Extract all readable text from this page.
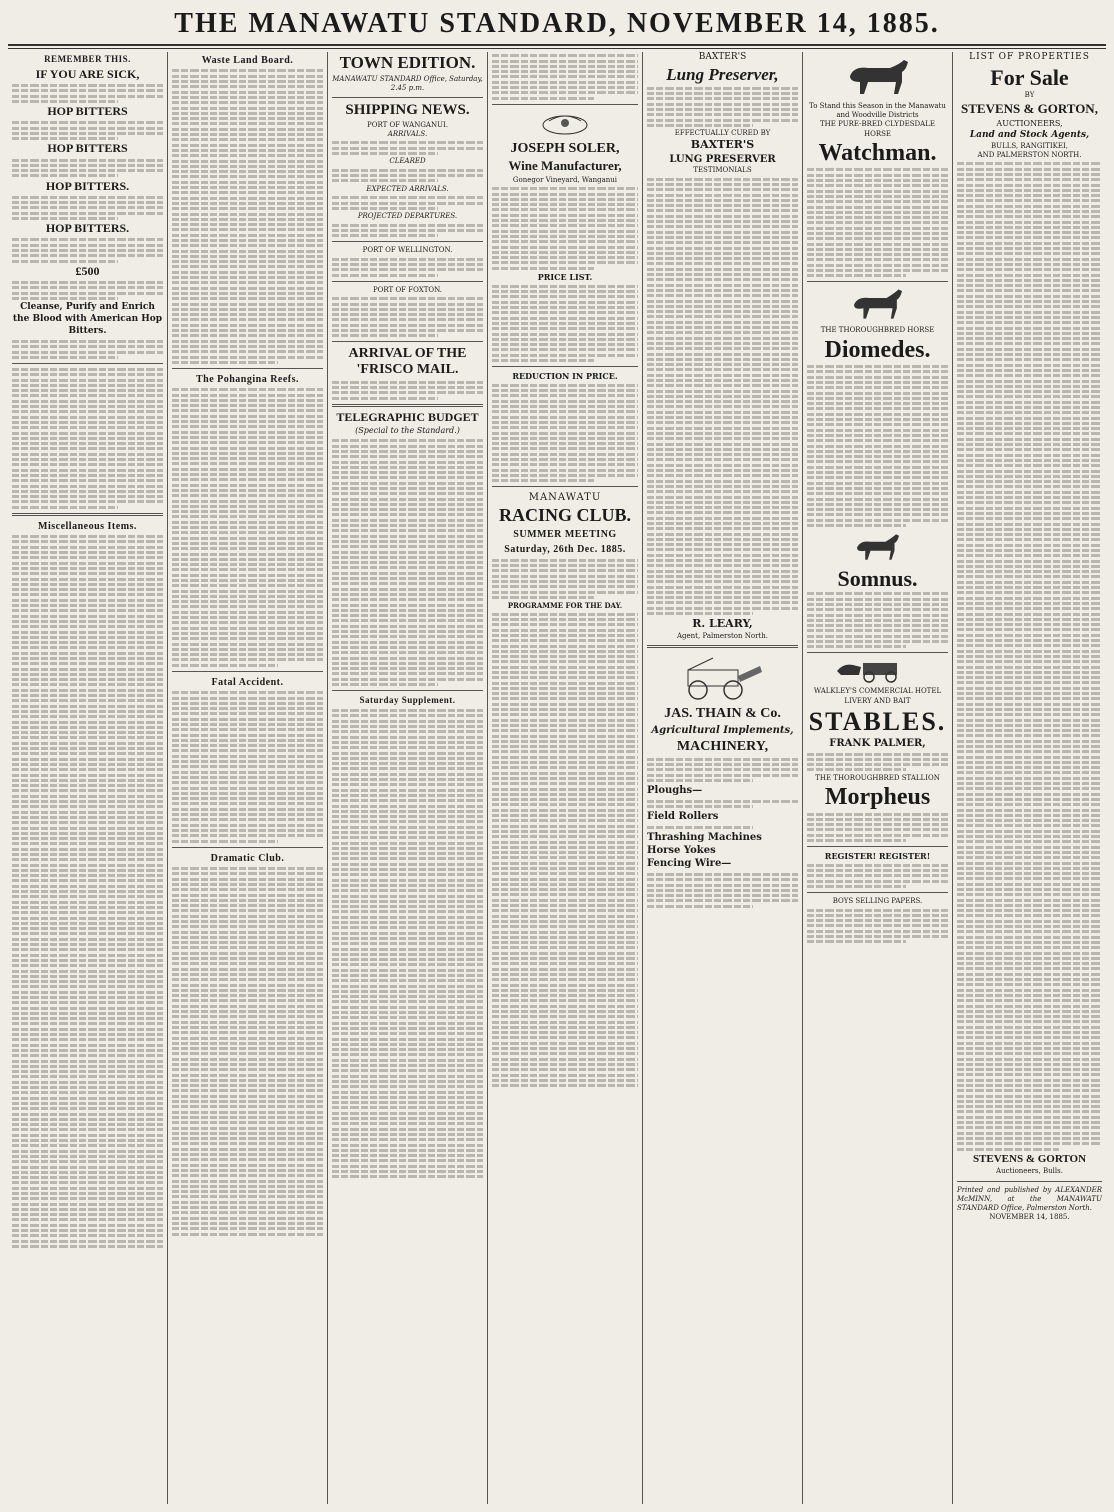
THE MANAWATU STANDARD, NOVEMBER 14, 1885.
REMEMBER THIS.
IF YOU ARE SICK,
HOP BITTERS
HOP BITTERS
HOP BITTERS.
HOP BITTERS.
£500
Cleanse, Purify and Enrich the Blood with American Hop Bitters.
Miscellaneous Items.
Waste Land Board.
The Pohangina Reefs.
Fatal Accident.
Dramatic Club.
TOWN EDITION.
MANAWATU STANDARD Office, Saturday, 2.45 p.m.
SHIPPING NEWS.
PORT OF WANGANUI.
ARRIVALS.
CLEARED
EXPECTED ARRIVALS.
PROJECTED DEPARTURES.
PORT OF WELLINGTON.
PORT OF FOXTON.
ARRIVAL OF THE 'FRISCO MAIL.
TELEGRAPHIC BUDGET
(Special to the Standard.)
Saturday Supplement.
JOSEPH SOLER,
Wine Manufacturer,
Gonegor Vineyard, Wanganui
PRICE LIST.
REDUCTION IN PRICE.
MANAWATU
RACING CLUB.
SUMMER MEETING
Saturday, 26th Dec. 1885.
PROGRAMME FOR THE DAY.
BAXTER'S
Lung Preserver,
EFFECTUALLY CURED BY
BAXTER'S
LUNG PRESERVER
TESTIMONIALS
R. LEARY,
Agent, Palmerston North.
JAS. THAIN & Co.
Agricultural Implements,
MACHINERY,
Ploughs—
Field Rollers
Thrashing Machines
Horse Yokes
Fencing Wire—
To Stand this Season in the Manawatu and Woodville Districts
THE PURE-BRED CLYDESDALE HORSE
Watchman.
THE THOROUGHBRED HORSE
Diomedes.
Somnus.
WALKLEY'S COMMERCIAL HOTEL LIVERY AND BAIT
STABLES.
FRANK PALMER,
THE THOROUGHBRED STALLION
Morpheus
REGISTER! REGISTER!
BOYS SELLING PAPERS.
LIST OF PROPERTIES
For Sale
BY
STEVENS & GORTON,
AUCTIONEERS,
Land and Stock Agents,
BULLS, RANGITIKEI,
AND PALMERSTON NORTH.
STEVENS & GORTON
Auctioneers, Bulls.
Printed and published by ALEXANDER McMINN, at the MANAWATU STANDARD Office, Palmerston North.
NOVEMBER 14, 1885.
